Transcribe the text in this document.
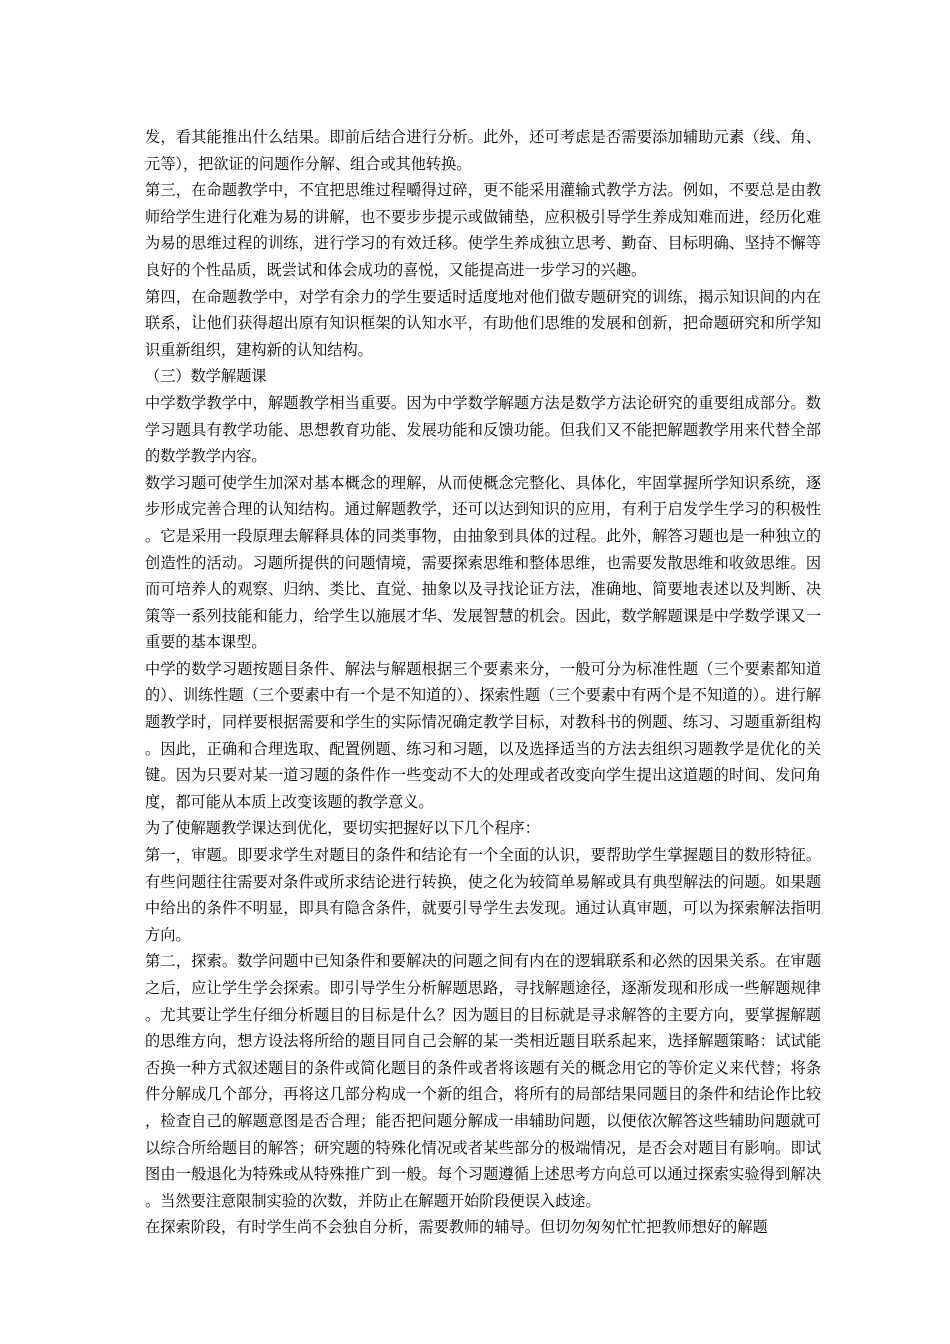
发，看其能推出什么结果。即前后结合进行分析。此外，还可考虑是否需要添加辅助元素（线、角、元等），把欲证的问题作分解、组合或其他转换。

第三，在命题教学中，不宜把思维过程嚼得过碎，更不能采用灌输式教学方法。例如，不要总是由教师给学生进行化难为易的讲解，也不要步步提示或做铺垫，应积极引导学生养成知难而进，经历化难为易的思维过程的训练，进行学习的有效迁移。使学生养成独立思考、勤奋、目标明确、坚持不懈等良好的个性品质，既尝试和体会成功的喜悦，又能提高进一步学习的兴趣。

第四，在命题教学中，对学有余力的学生要适时适度地对他们做专题研究的训练，揭示知识间的内在联系，让他们获得超出原有知识框架的认知水平，有助他们思维的发展和创新，把命题研究和所学知识重新组织，建构新的认知结构。

（三）数学解题课

中学数学教学中，解题教学相当重要。因为中学数学解题方法是数学方法论研究的重要组成部分。数学习题具有教学功能、思想教育功能、发展功能和反馈功能。但我们又不能把解题教学用来代替全部的数学教学内容。

数学习题可使学生加深对基本概念的理解，从而使概念完整化、具体化，牢固掌握所学知识系统，逐步形成完善合理的认知结构。通过解题教学，还可以达到知识的应用，有利于启发学生学习的积极性。它是采用一段原理去解释具体的同类事物，由抽象到具体的过程。此外，解答习题也是一种独立的创造性的活动。习题所提供的问题情境，需要探索思维和整体思维，也需要发散思维和收敛思维。因而可培养人的观察、归纳、类比、直觉、抽象以及寻找论证方法，准确地、简要地表述以及判断、决策等一系列技能和能力，给学生以施展才华、发展智慧的机会。因此，数学解题课是中学数学课又一重要的基本课型。

中学的数学习题按题目条件、解法与解题根据三个要素来分，一般可分为标准性题（三个要素都知道的）、训练性题（三个要素中有一个是不知道的）、探索性题（三个要素中有两个是不知道的）。进行解题教学时，同样要根据需要和学生的实际情况确定教学目标，对教科书的例题、练习、习题重新组构。因此，正确和合理选取、配置例题、练习和习题，以及选择适当的方法去组织习题教学是优化的关键。因为只要对某一道习题的条件作一些变动不大的处理或者改变向学生提出这道题的时间、发问角度，都可能从本质上改变该题的教学意义。

为了使解题教学课达到优化，要切实把握好以下几个程序：

第一，审题。即要求学生对题目的条件和结论有一个全面的认识，要帮助学生掌握题目的数形特征。有些问题往往需要对条件或所求结论进行转换，使之化为较简单易解或具有典型解法的问题。如果题中给出的条件不明显，即具有隐含条件，就要引导学生去发现。通过认真审题，可以为探索解法指明方向。

第二，探索。数学问题中已知条件和要解决的问题之间有内在的逻辑联系和必然的因果关系。在审题之后，应让学生学会探索。即引导学生分析解题思路，寻找解题途径，逐渐发现和形成一些解题规律。尤其要让学生仔细分析题目的目标是什么？因为题目的目标就是寻求解答的主要方向，要掌握解题的思维方向，想方设法将所给的题目同自己会解的某一类相近题目联系起来，选择解题策略：试试能否换一种方式叙述题目的条件或简化题目的条件或者将该题有关的概念用它的等价定义来代替；将条件分解成几个部分，再将这几部分构成一个新的组合，将所有的局部结果同题目的条件和结论作比较，检查自己的解题意图是否合理；能否把问题分解成一串辅助问题，以便依次解答这些辅助问题就可以综合所给题目的解答；研究题的特殊化情况或者某些部分的极端情况，是否会对题目有影响。即试图由一般退化为特殊或从特殊推广到一般。每个习题遵循上述思考方向总可以通过探索实验得到解决。当然要注意限制实验的次数，并防止在解题开始阶段便误入歧途。

在探索阶段，有时学生尚不会独自分析，需要教师的辅导。但切勿匆匆忙忙把教师想好的解题
